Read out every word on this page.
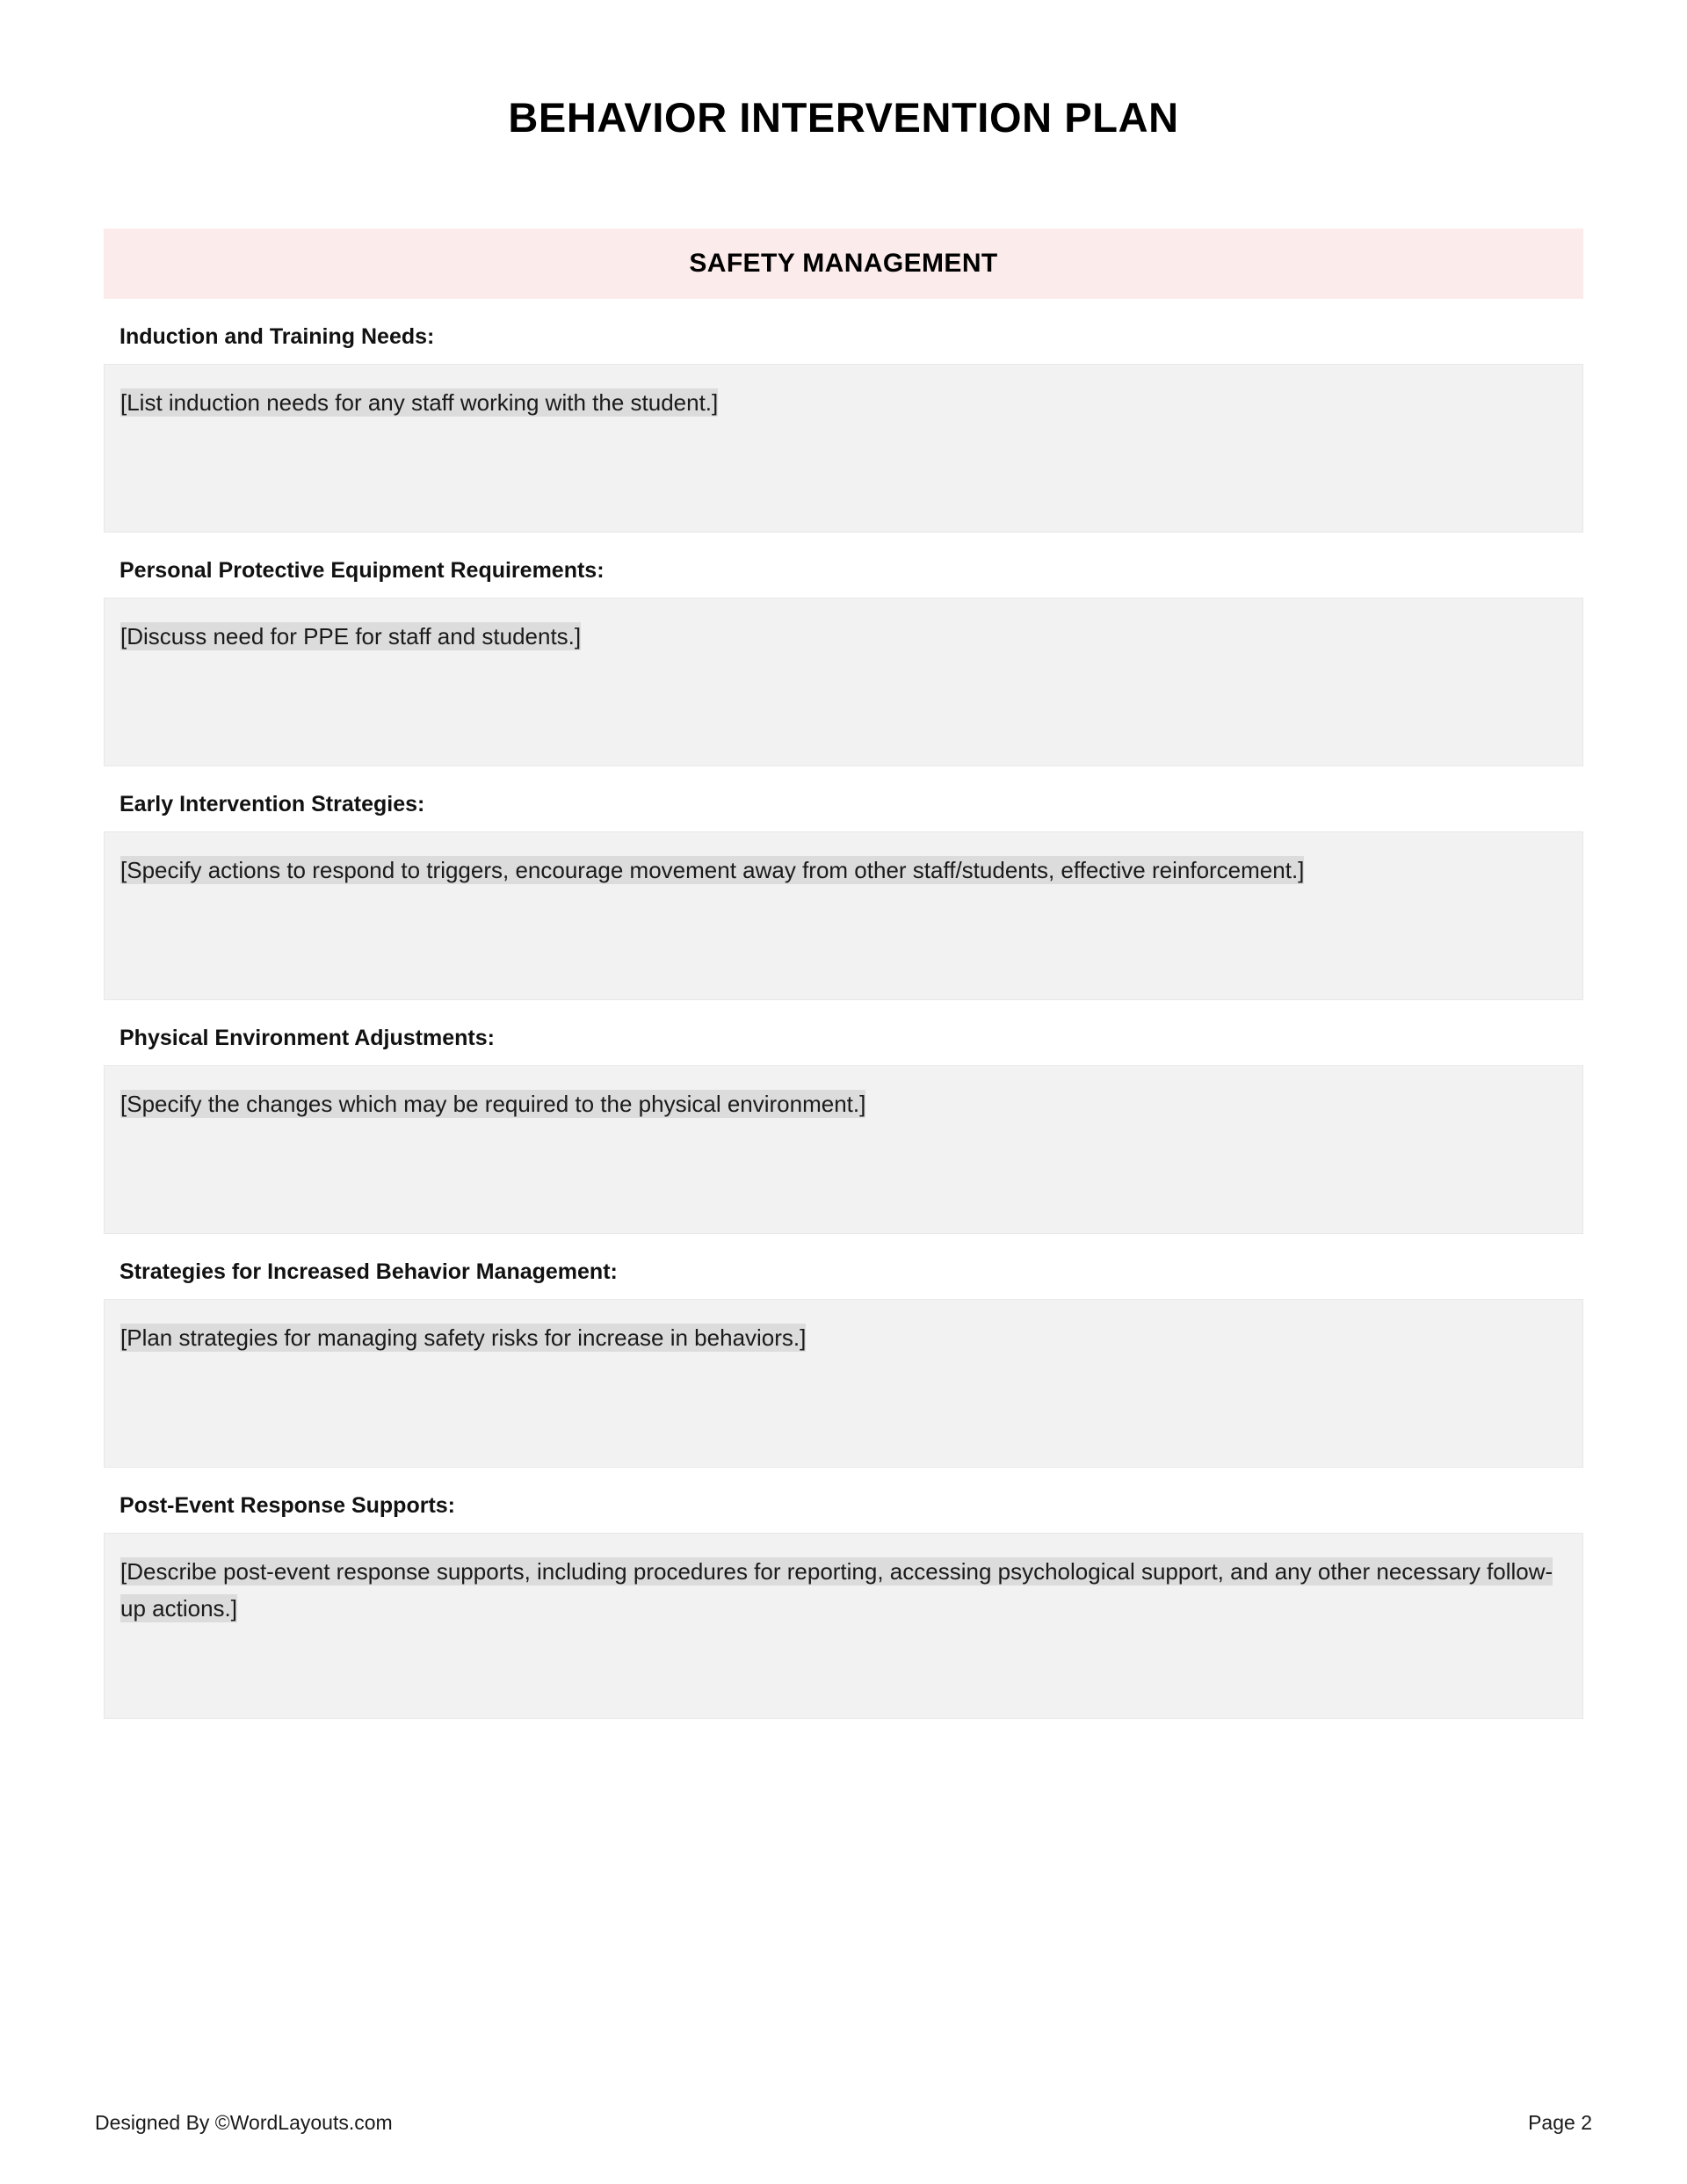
BEHAVIOR INTERVENTION PLAN
SAFETY MANAGEMENT
Induction and Training Needs:
[List induction needs for any staff working with the student.]
Personal Protective Equipment Requirements:
[Discuss need for PPE for staff and students.]
Early Intervention Strategies:
[Specify actions to respond to triggers, encourage movement away from other staff/students, effective reinforcement.]
Physical Environment Adjustments:
[Specify the changes which may be required to the physical environment.]
Strategies for Increased Behavior Management:
[Plan strategies for managing safety risks for increase in behaviors.]
Post-Event Response Supports:
[Describe post-event response supports, including procedures for reporting, accessing psychological support, and any other necessary follow-up actions.]
Designed By ©WordLayouts.com	Page 2
